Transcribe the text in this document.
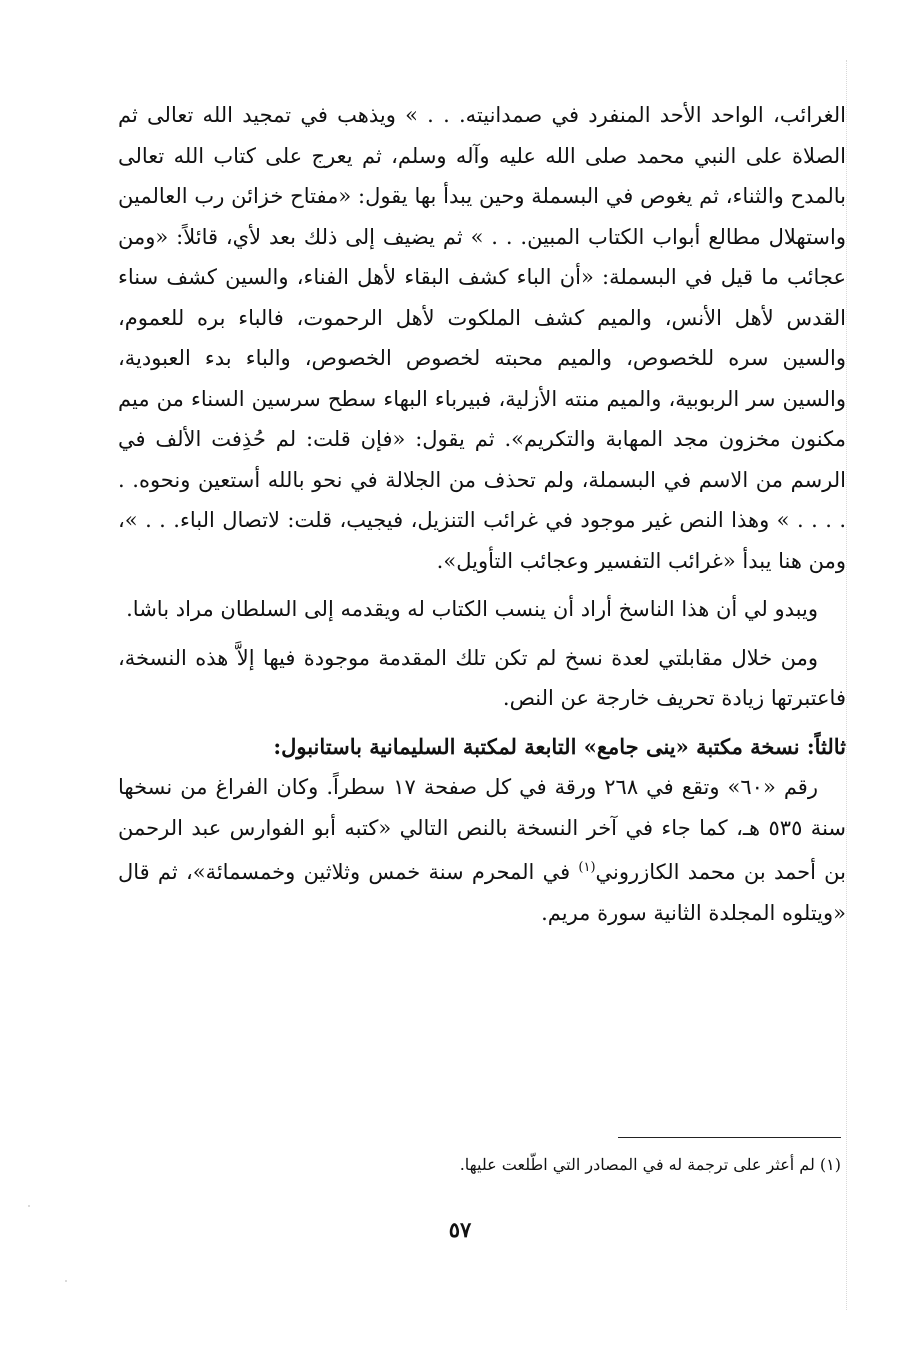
الغرائب، الواحد الأحد المنفرد في صمدانيته. . . » ويذهب في تمجيد الله تعالى ثم الصلاة على النبي محمد صلى الله عليه وآله وسلم، ثم يعرج على كتاب الله تعالى بالمدح والثناء، ثم يغوص في البسملة وحين يبدأ بها يقول: «مفتاح خزائن رب العالمين واستهلال مطالع أبواب الكتاب المبين. . . » ثم يضيف إلى ذلك بعد لأي، قائلاً: «ومن عجائب ما قيل في البسملة: «أن الباء كشف البقاء لأهل الفناء، والسين كشف سناء القدس لأهل الأنس، والميم كشف الملكوت لأهل الرحموت، فالباء بره للعموم، والسين سره للخصوص، والميم محبته لخصوص الخصوص، والباء بدء العبودية، والسين سر الربوبية، والميم منته الأزلية، فبيرباء البهاء سطح سرسين السناء من ميم مكنون مخزون مجد المهابة والتكريم». ثم يقول: «فإن قلت: لم حُذِفت الألف في الرسم من الاسم في البسملة، ولم تحذف من الجلالة في نحو بالله أستعين ونحوه. . . . . . » وهذا النص غير موجود في غرائب التنزيل، فيجيب، قلت: لاتصال الباء. . . »، ومن هنا يبدأ «غرائب التفسير وعجائب التأويل».

ويبدو لي أن هذا الناسخ أراد أن ينسب الكتاب له ويقدمه إلى السلطان مراد باشا.

ومن خلال مقابلتي لعدة نسخ لم تكن تلك المقدمة موجودة فيها إلاَّ هذه النسخة، فاعتبرتها زيادة تحريف خارجة عن النص.

ثالثاً: نسخة مكتبة «ينى جامع» التابعة لمكتبة السليمانية باستانبول:

رقم «٦٠» وتقع في ٢٦٨ ورقة في كل صفحة ١٧ سطراً. وكان الفراغ من نسخها سنة ٥٣٥ هـ، كما جاء في آخر النسخة بالنص التالي «كتبه أبو الفوارس عبد الرحمن بن أحمد بن محمد الكازروني$^{(١)}$ في المحرم سنة خمس وثلاثين وخمسمائة»، ثم قال «ويتلوه المجلدة الثانية سورة مريم.

(١) لم أعثر على ترجمة له في المصادر التي اطّلعت عليها.
٥٧
